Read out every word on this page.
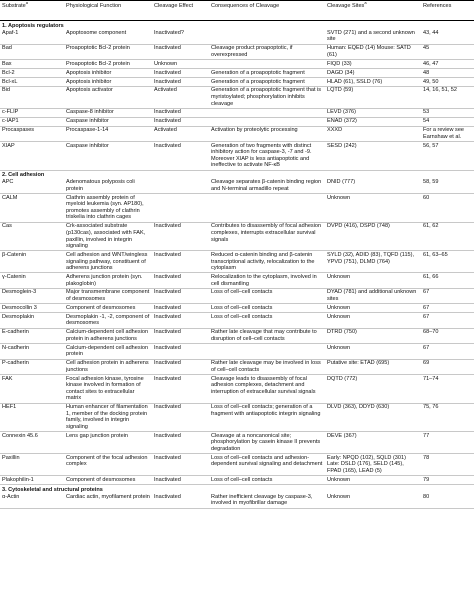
Substrate$^a$	Physiological Function	Cleavage Effect	Consequences of Cleavage	Cleavage Sites$^a$	References
1. Apoptosis regulators					
Apaf-1	Apoptosome component	Inactivated?		SVTD (271) and a second unknown site	43, 44
Bad	Proapoptotic Bcl-2 protein	Inactivated	Cleavage product proapoptotic, if overexpressed	Human: EQED (14) Mouse: SATD (61)	45
Bax	Proapoptotic Bcl-2 protein	Unknown		FIQD (33)	46, 47
Bcl-2	Apoptosis inhibitor	Inactivated	Generation of a proapoptotic fragment	DAGD (34)	48
Bcl-xL	Apoptosis inhibitor	Inactivated	Generation of a proapoptotic fragment	HLAD (61), SSLD (76)	49, 50
Bid	Apoptosis activator	Activated	Generation of a proapoptotic fragment that is myristoylated; phosphorylation inhibits cleavage	LQTD (59)	14, 16, 51, 52
c-FLIP	Caspase-8 inhibitor	Inactivated		LEVD (376)	53
c-IAP1	Caspase inhibitor	Inactivated		ENAD (372)	54
Procaspases	Procaspase-1-14	Activated	Activation by proteolytic processing	XXXD	For a review see Earnshaw et al.
XIAP	Caspase inhibitor	Inactivated	Generation of two fragments with distinct inhibitory action for caspase-3, -7 and -9. Moreover XIAP is less antiapoptotic and ineffective to activate NF-κB	SESD (242)	56, 57
2. Cell adhesion					
APC	Adenomatous polyposis coli protein		Cleavage separates β-catenin binding region and N-terminal armadillo repeat	DNID (777)	58, 59
CALM	Clathrin assembly protein of myeloid leukemia (syn. AP180), promotes assembly of clathrin triskelia into clathrin cages			Unknown	60
Cas	Crk-associated substrate (p130cas), associated with FAK, paxillin, involved in integrin signaling	Inactivated	Contributes to disassembly of focal adhesion complexes, interrupts extracellular survival signals	DVPD (416), DSPD (748)	61, 62
β-Catenin	Cell adhesion and WNT/wingless signaling pathway, constituent of adherens junctions	Inactivated	Reduced α-catenin binding and β-catenin transcriptional activity, relocalization to the cytoplasm	SYLD (32), ADID (83), TQFD (115), YPVD (751), DLMD (764)	61, 63–65
γ-Catenin	Adherens junction protein (syn. plakoglobin)	Inactivated	Relocalization to the cytoplasm, involved in cell dismantling	Unknown	61, 66
Desmoglein-3	Major transmembrane component of desmosomes	Inactivated	Loss of cell–cell contacts	DYAD (781) and additional unknown sites	67
Desmocollin 3	Component of desmosomes	Inactivated	Loss of cell–cell contacts	Unknown	67
Desmoplakin	Desmoplakin -1, -2, component of desmosomes	Inactivated	Loss of cell–cell contacts	Unknown	67
E-cadherin	Calcium-dependent cell adhesion protein in adherens junctions	Inactivated	Rather late cleavage that may contribute to disruption of cell–cell contacts	DTRD (750)	68–70
N-cadherin	Calcium-dependent cell adhesion protein	Inactivated		Unknown	67
P-cadherin	Cell adhesion protein in adherens junctions	Inactivated	Rather late cleavage may be involved in loss of cell–cell contacts	Putative site: ETAD (695)	69
FAK	Focal adhesion kinase, tyrosine kinase involved in formation of contact sites to extracellular matrix	Inactivated	Cleavage leads to disassembly of focal adhesion complexes, detachment and interruption of extracellular survival signals	DQTD (772)	71–74
HEF1	Human enhancer of filamentation 1, member of the docking protein family, involved in integrin signaling	Inactivated	Loss of cell–cell contacts; generation of a fragment with antiapoptotic integrin signaling	DLVD (363), DDYD (630)	75, 76
Connexin 45.6	Lens gap junction protein	Inactivated	Cleavage at a noncanonical site; phosphorylation by casein kinase II prevents degradation	DEVE (367)	77
Paxillin	Component of the focal adhesion complex	Inactivated	Loss of cell–cell contacts and adhesion-dependent survival signaling and detachment	Early: NPQD (102), SQLD (301) Late: DSLD (176), SELD (145), FPAD (165), LEAD (5)	78
Plakophilin-1	Component of desmosomes	Inactivated	Loss of cell–cell contacts	Unknown	79
3. Cytoskeletal and structural proteins					
α-Actin	Cardiac actin, myofilament protein	Inactivated	Rather inefficient cleavage by caspase-3, involved in myofibrillar damage	Unknown	80
